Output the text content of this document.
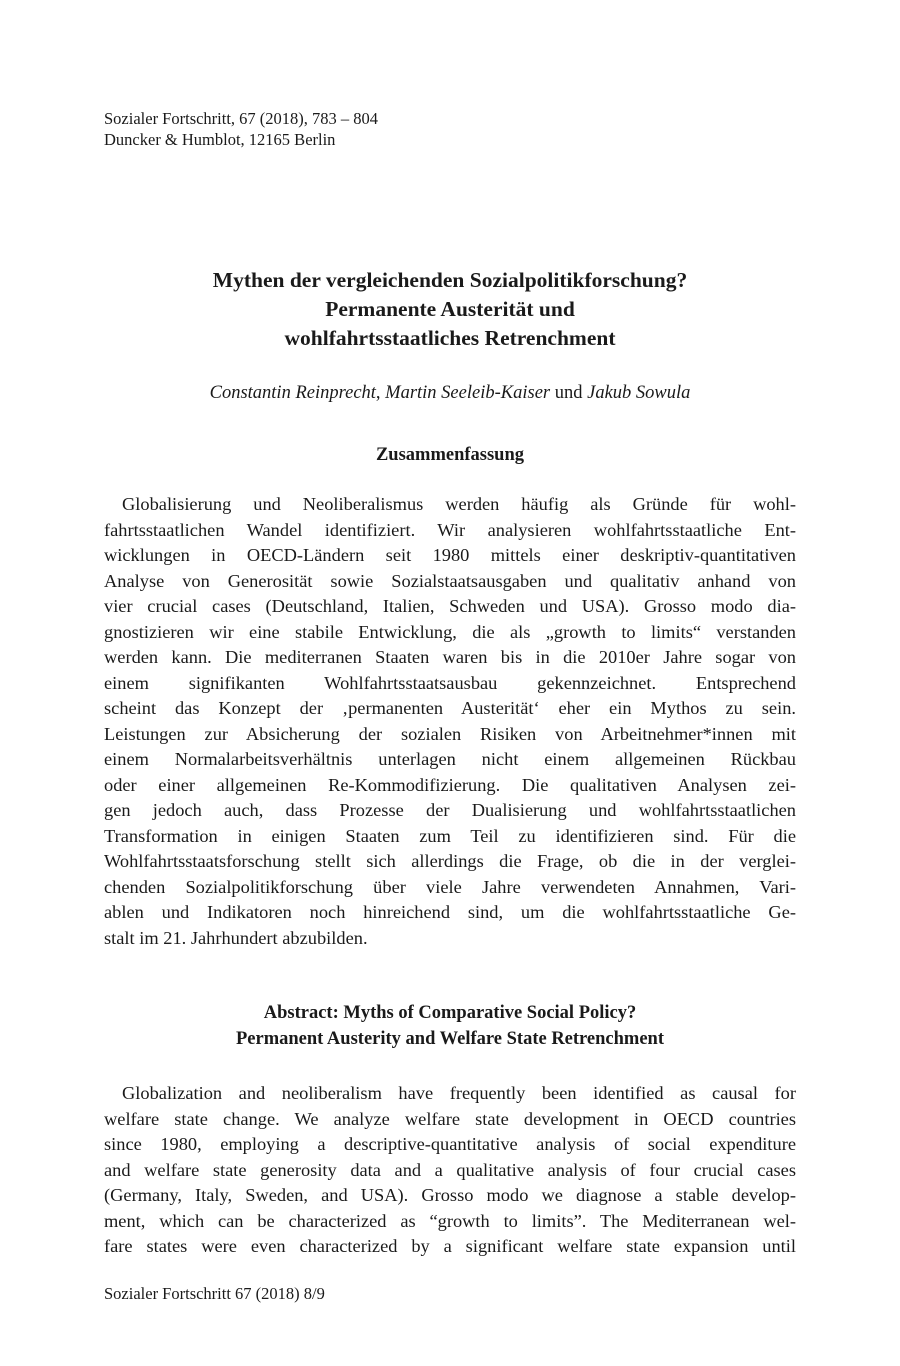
Sozialer Fortschritt, 67 (2018), 783 – 804
Duncker & Humblot, 12165 Berlin
Mythen der vergleichenden Sozialpolitikforschung?
Permanente Austerität und
wohlfahrtsstaatliches Retrenchment
Constantin Reinprecht, Martin Seeleib-Kaiser und Jakub Sowula
Zusammenfassung
Globalisierung und Neoliberalismus werden häufig als Gründe für wohl-
fahrtsstaatlichen Wandel identifiziert. Wir analysieren wohlfahrtsstaatliche Ent-
wicklungen in OECD-Ländern seit 1980 mittels einer deskriptiv-quantitativen
Analyse von Generosität sowie Sozialstaatsausgaben und qualitativ anhand von
vier crucial cases (Deutschland, Italien, Schweden und USA). Grosso modo dia-
gnostizieren wir eine stabile Entwicklung, die als „growth to limits“ verstanden
werden kann. Die mediterranen Staaten waren bis in die 2010er Jahre sogar von
einem signifikanten Wohlfahrtsstaatsausbau gekennzeichnet. Entsprechend
scheint das Konzept der ‚permanenten Austerität‘ eher ein Mythos zu sein.
Leistungen zur Absicherung der sozialen Risiken von Arbeitnehmer*innen mit
einem Normalarbeitsverhältnis unterlagen nicht einem allgemeinen Rückbau
oder einer allgemeinen Re-Kommodifizierung. Die qualitativen Analysen zei-
gen jedoch auch, dass Prozesse der Dualisierung und wohlfahrtsstaatlichen
Transformation in einigen Staaten zum Teil zu identifizieren sind. Für die
Wohlfahrtsstaatsforschung stellt sich allerdings die Frage, ob die in der verglei-
chenden Sozialpolitikforschung über viele Jahre verwendeten Annahmen, Vari-
ablen und Indikatoren noch hinreichend sind, um die wohlfahrtsstaatliche Ge-
stalt im 21. Jahrhundert abzubilden.
Abstract: Myths of Comparative Social Policy?
Permanent Austerity and Welfare State Retrenchment
Globalization and neoliberalism have frequently been identified as causal for
welfare state change. We analyze welfare state development in OECD countries
since 1980, employing a descriptive-quantitative analysis of social expenditure
and welfare state generosity data and a qualitative analysis of four crucial cases
(Germany, Italy, Sweden, and USA). Grosso modo we diagnose a stable develop-
ment, which can be characterized as “growth to limits”. The Mediterranean wel-
fare states were even characterized by a significant welfare state expansion until
Sozialer Fortschritt 67 (2018) 8/9
